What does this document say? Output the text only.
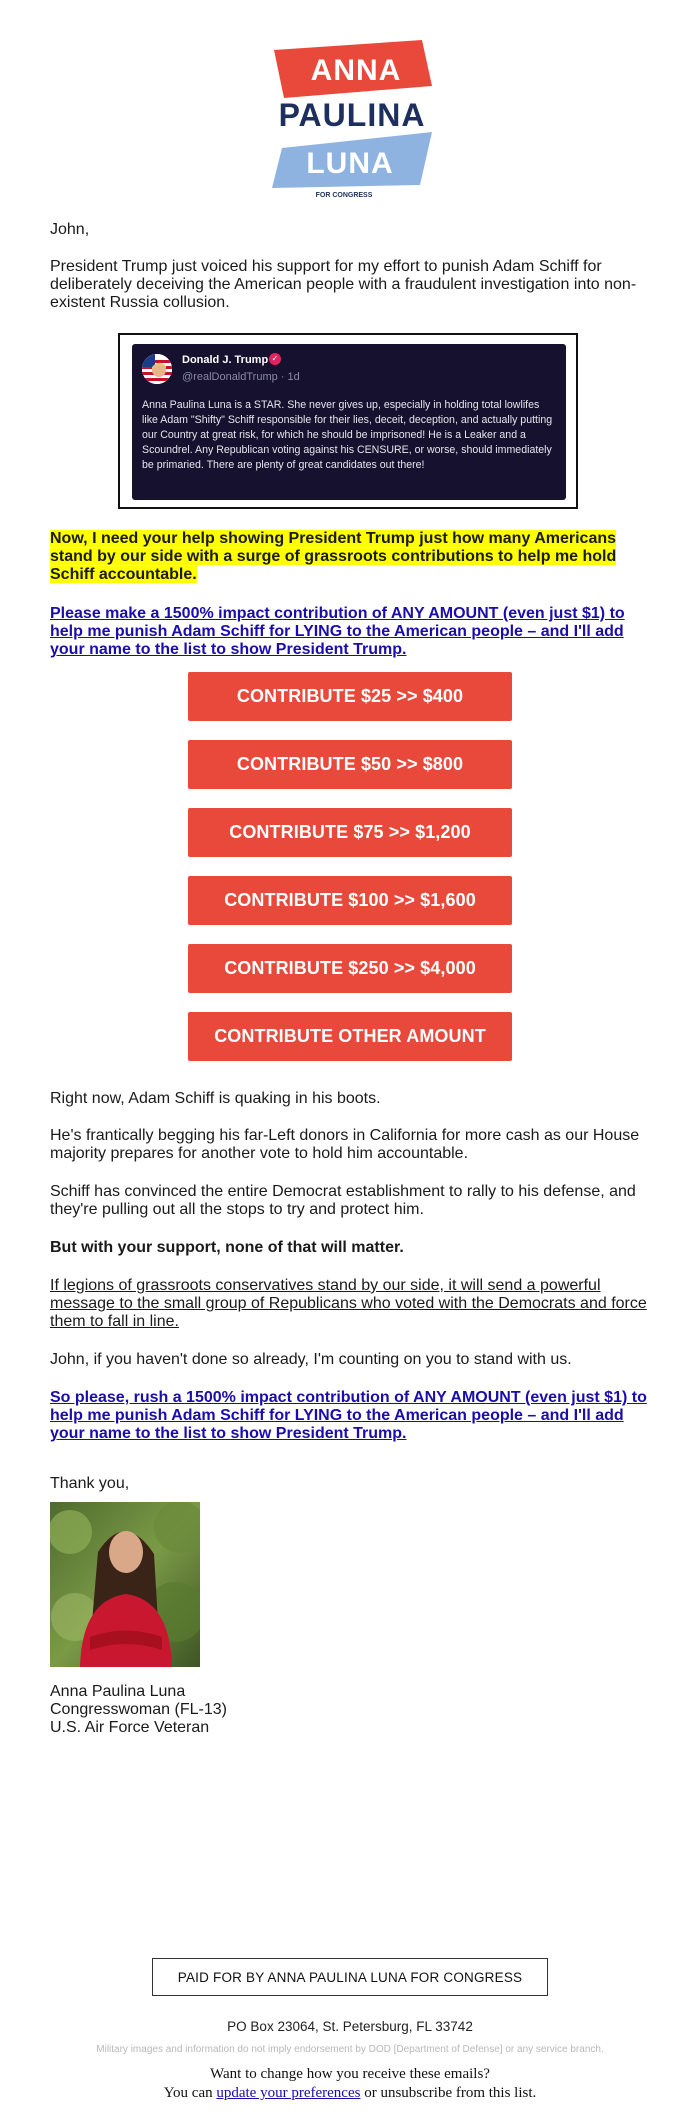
ANNA
PAULINA
LUNA
FOR CONGRESS

John,

President Trump just voiced his support for my effort to punish Adam Schiff for deliberately deceiving the American people with a fraudulent investigation into non-existent Russia collusion.

Donald J. Trump ✓
@realDonaldTrump · 1d

Anna Paulina Luna is a STAR. She never gives up, especially in holding total lowlifes like Adam "Shifty" Schiff responsible for their lies, deceit, deception, and actually putting our Country at great risk, for which he should be imprisoned! He is a Leaker and a Scoundrel. Any Republican voting against his CENSURE, or worse, should immediately be primaried. There are plenty of great candidates out there!

Now, I need your help showing President Trump just how many Americans stand by our side with a surge of grassroots contributions to help me hold Schiff accountable.

Please make a 1500% impact contribution of ANY AMOUNT (even just $1) to help me punish Adam Schiff for LYING to the American people – and I'll add your name to the list to show President Trump.

CONTRIBUTE $25 >> $400
CONTRIBUTE $50 >> $800
CONTRIBUTE $75 >> $1,200
CONTRIBUTE $100 >> $1,600
CONTRIBUTE $250 >> $4,000
CONTRIBUTE OTHER AMOUNT

Right now, Adam Schiff is quaking in his boots.

He's frantically begging his far-Left donors in California for more cash as our House majority prepares for another vote to hold him accountable.

Schiff has convinced the entire Democrat establishment to rally to his defense, and they're pulling out all the stops to try and protect him.

But with your support, none of that will matter.

If legions of grassroots conservatives stand by our side, it will send a powerful message to the small group of Republicans who voted with the Democrats and force them to fall in line.

John, if you haven't done so already, I'm counting on you to stand with us.

So please, rush a 1500% impact contribution of ANY AMOUNT (even just $1) to help me punish Adam Schiff for LYING to the American people – and I'll add your name to the list to show President Trump.

Thank you,

Anna Paulina Luna

Congresswoman (FL-13)

U.S. Air Force Veteran

PAID FOR BY ANNA PAULINA LUNA FOR CONGRESS

PO Box 23064, St. Petersburg, FL 33742

Military images and information do not imply endorsement by DOD [Department of Defense] or any service branch.

Want to change how you receive these emails?

You can update your preferences or unsubscribe from this list.
